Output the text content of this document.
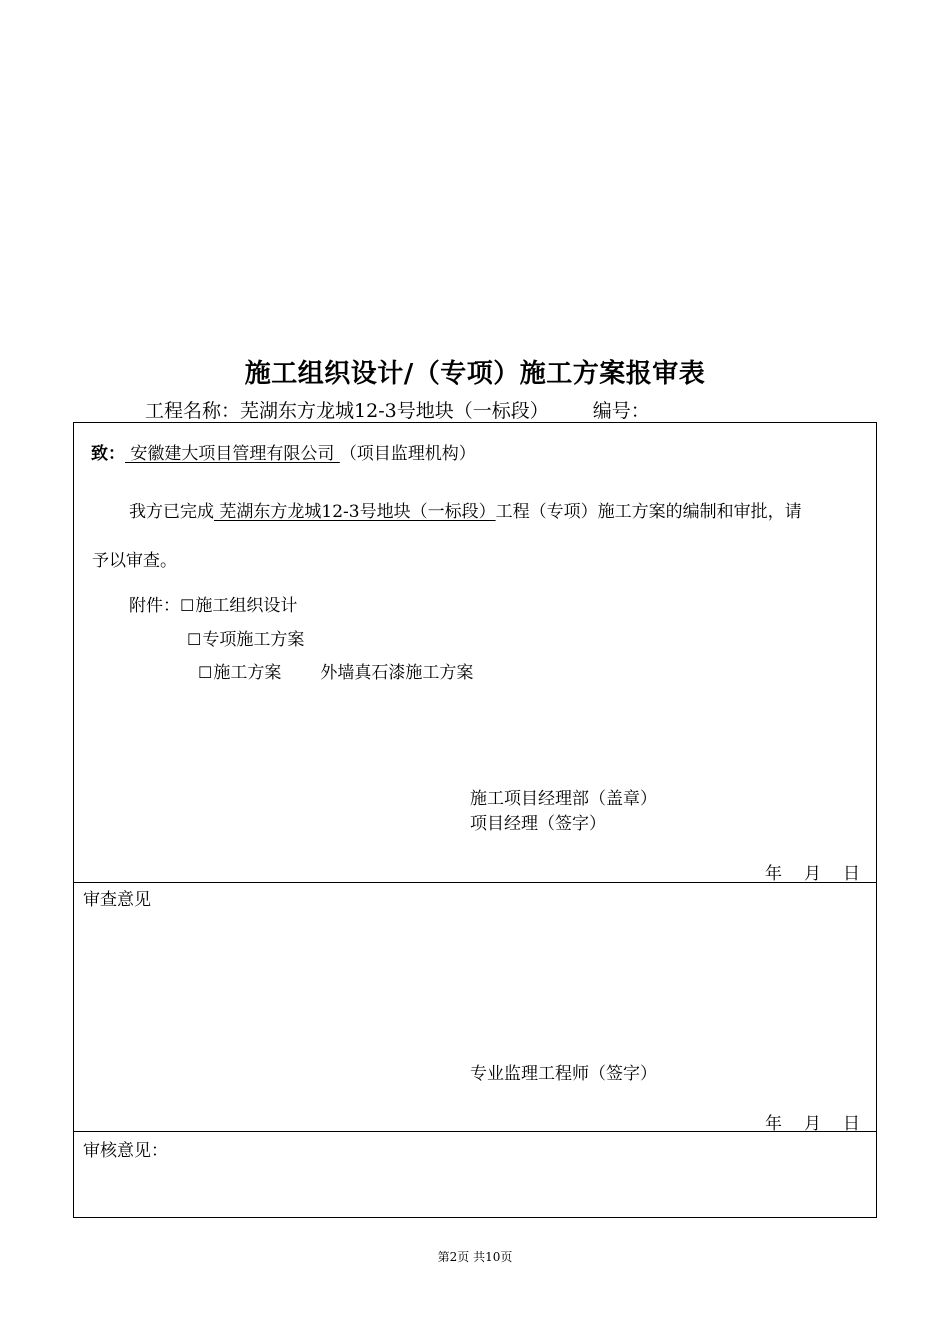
施工组织设计/（专项）施工方案报审表
工程名称：芜湖东方龙城12-3号地块（一标段） 编号：
致： 安徽建大项目管理有限公司 （项目监理机构）
我方已完成 芜湖东方龙城12-3号地块（一标段）工程（专项）施工方案的编制和审批，请
予以审查。
附件：☐施工组织设计
☐专项施工方案
☐施工方案 外墙真石漆施工方案
施工项目经理部（盖章）
项目经理（签字）
年 月 日
审查意见
专业监理工程师（签字）
年 月 日
审核意见：
第2页 共10页
